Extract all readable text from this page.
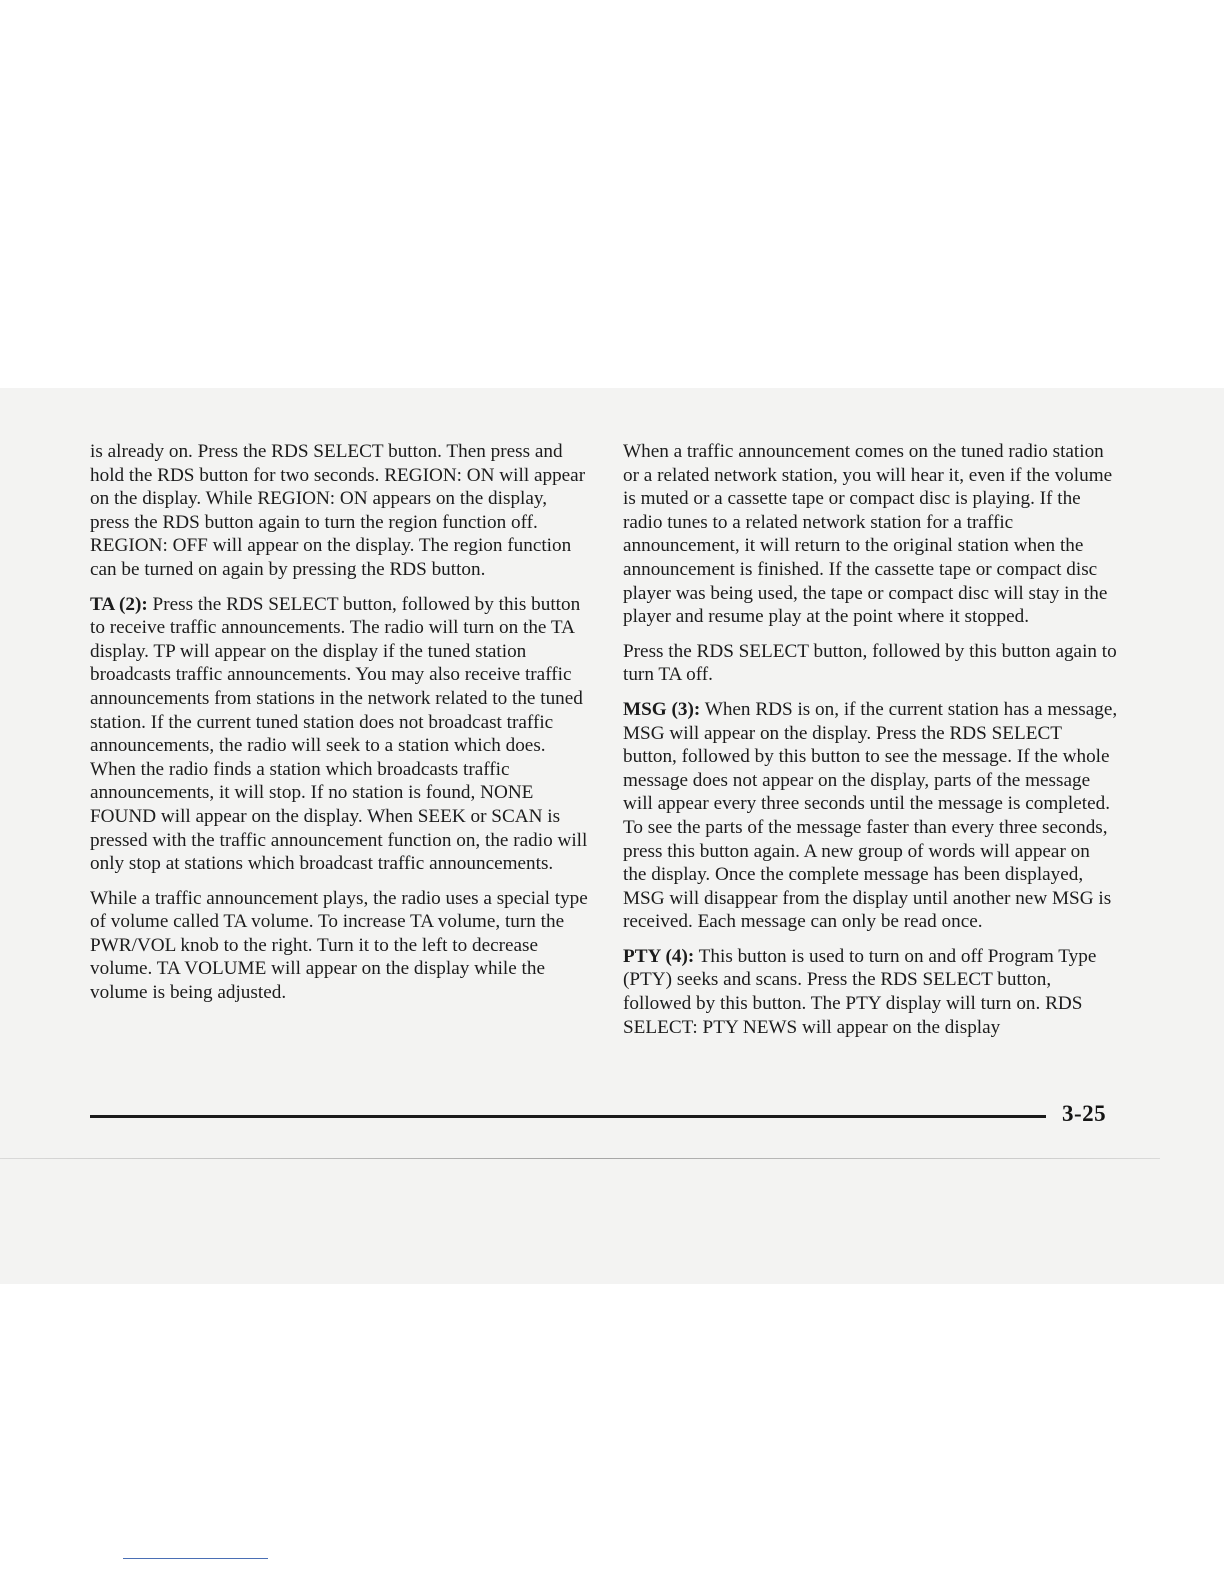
is already on. Press the RDS SELECT button. Then press and hold the RDS button for two seconds. REGION: ON will appear on the display. While REGION: ON appears on the display, press the RDS button again to turn the region function off. REGION: OFF will appear on the display. The region function can be turned on again by pressing the RDS button.

TA (2): Press the RDS SELECT button, followed by this button to receive traffic announcements. The radio will turn on the TA display. TP will appear on the display if the tuned station broadcasts traffic announcements. You may also receive traffic announcements from stations in the network related to the tuned station. If the current tuned station does not broadcast traffic announcements, the radio will seek to a station which does. When the radio finds a station which broadcasts traffic announcements, it will stop. If no station is found, NONE FOUND will appear on the display. When SEEK or SCAN is pressed with the traffic announcement function on, the radio will only stop at stations which broadcast traffic announcements.

While a traffic announcement plays, the radio uses a special type of volume called TA volume. To increase TA volume, turn the PWR/VOL knob to the right. Turn it to the left to decrease volume. TA VOLUME will appear on the display while the volume is being adjusted.

When a traffic announcement comes on the tuned radio station or a related network station, you will hear it, even if the volume is muted or a cassette tape or compact disc is playing. If the radio tunes to a related network station for a traffic announcement, it will return to the original station when the announcement is finished. If the cassette tape or compact disc player was being used, the tape or compact disc will stay in the player and resume play at the point where it stopped.

Press the RDS SELECT button, followed by this button again to turn TA off.

MSG (3): When RDS is on, if the current station has a message, MSG will appear on the display. Press the RDS SELECT button, followed by this button to see the message. If the whole message does not appear on the display, parts of the message will appear every three seconds until the message is completed. To see the parts of the message faster than every three seconds, press this button again. A new group of words will appear on the display. Once the complete message has been displayed, MSG will disappear from the display until another new MSG is received. Each message can only be read once.

PTY (4): This button is used to turn on and off Program Type (PTY) seeks and scans. Press the RDS SELECT button, followed by this button. The PTY display will turn on. RDS SELECT: PTY NEWS will appear on the display

3-25
